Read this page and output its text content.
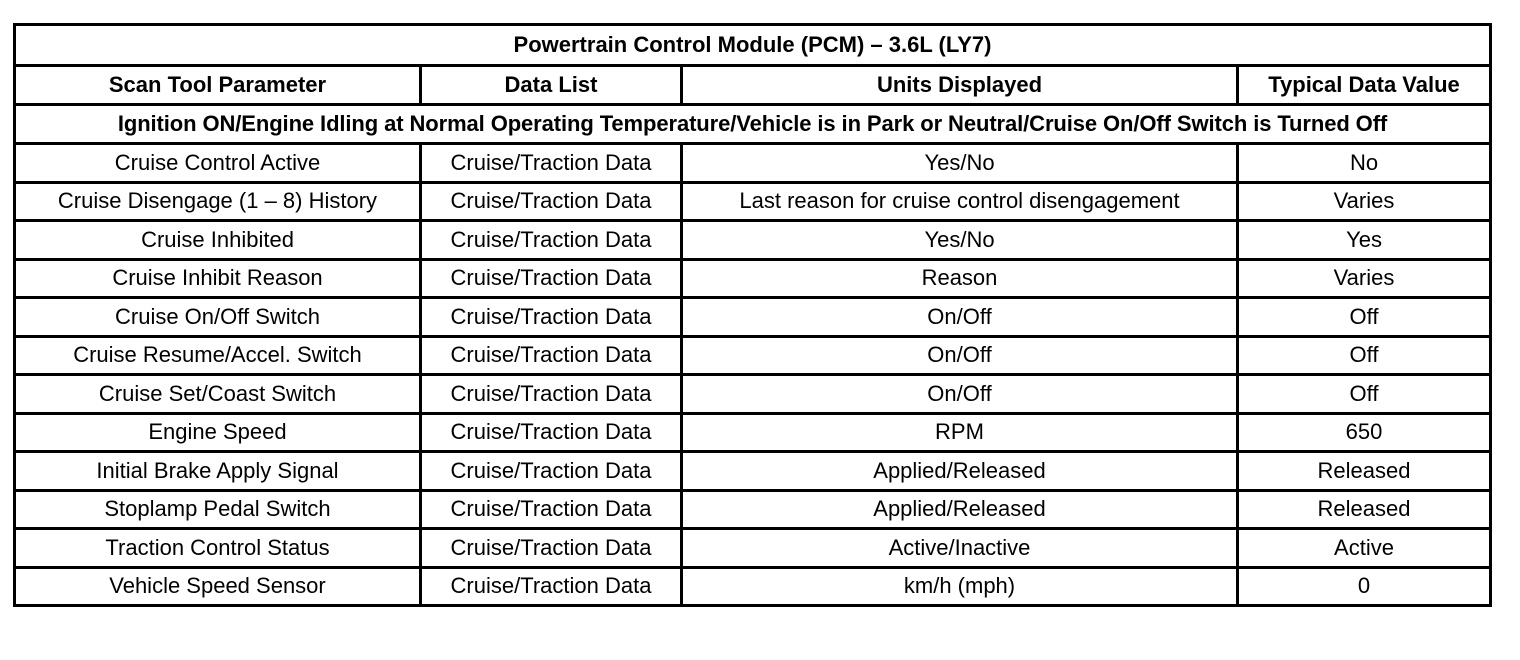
Powertrain Control Module (PCM) – 3.6L (LY7)			
Scan Tool Parameter	Data List	Units Displayed	Typical Data Value
Ignition ON/Engine Idling at Normal Operating Temperature/Vehicle is in Park or Neutral/Cruise On/Off Switch is Turned Off			
Cruise Control Active	Cruise/Traction Data	Yes/No	No
Cruise Disengage (1 – 8) History	Cruise/Traction Data	Last reason for cruise control disengagement	Varies
Cruise Inhibited	Cruise/Traction Data	Yes/No	Yes
Cruise Inhibit Reason	Cruise/Traction Data	Reason	Varies
Cruise On/Off Switch	Cruise/Traction Data	On/Off	Off
Cruise Resume/Accel. Switch	Cruise/Traction Data	On/Off	Off
Cruise Set/Coast Switch	Cruise/Traction Data	On/Off	Off
Engine Speed	Cruise/Traction Data	RPM	650
Initial Brake Apply Signal	Cruise/Traction Data	Applied/Released	Released
Stoplamp Pedal Switch	Cruise/Traction Data	Applied/Released	Released
Traction Control Status	Cruise/Traction Data	Active/Inactive	Active
Vehicle Speed Sensor	Cruise/Traction Data	km/h (mph)	0
